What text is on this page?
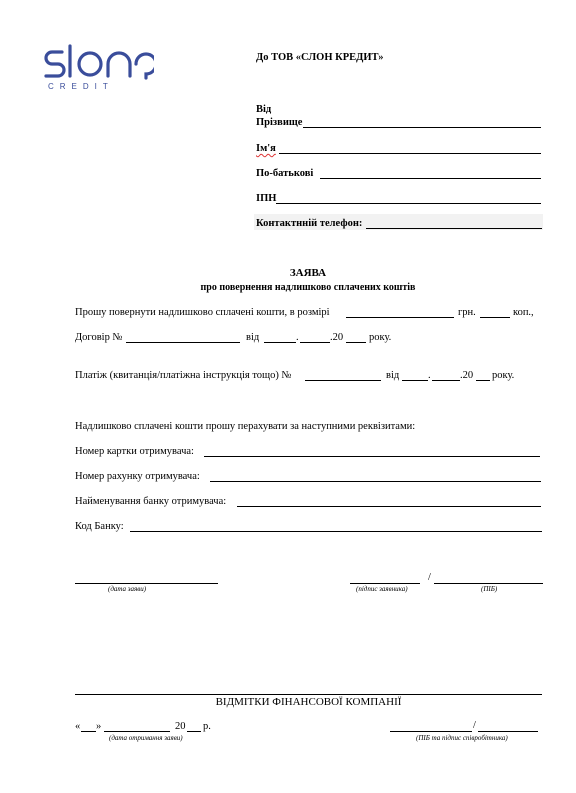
CREDIT
До ТОВ «СЛОН КРЕДИТ»
Від
Прізвище
Ім'я
По-батькові
ІПН
Контактнній телефон:
ЗАЯВА
про повернення надлишково сплачених коштів
Прошу повернути надлишково сплачені кошти, в розмірі	грн.	коп.,
Договір №	від	.	.20 року.
Платіж (квитанція/платіжна інструкція тощо) №	від	.	.20 року.
Надлишково сплачені кошти прошу перахувати за наступними реквізитами:
Номер картки отримувача:
Номер рахунку отримувача:
Найменування банку отримувача:
Код Банку:
(дата заяви)
/
(підпис заявника)	(ПІБ)
ВІДМІТКИ ФІНАНСОВОЇ КОМПАНІЇ
« »	20 р.
(дата отримання заяви)
/
(ПІБ та підпис співробітника)
